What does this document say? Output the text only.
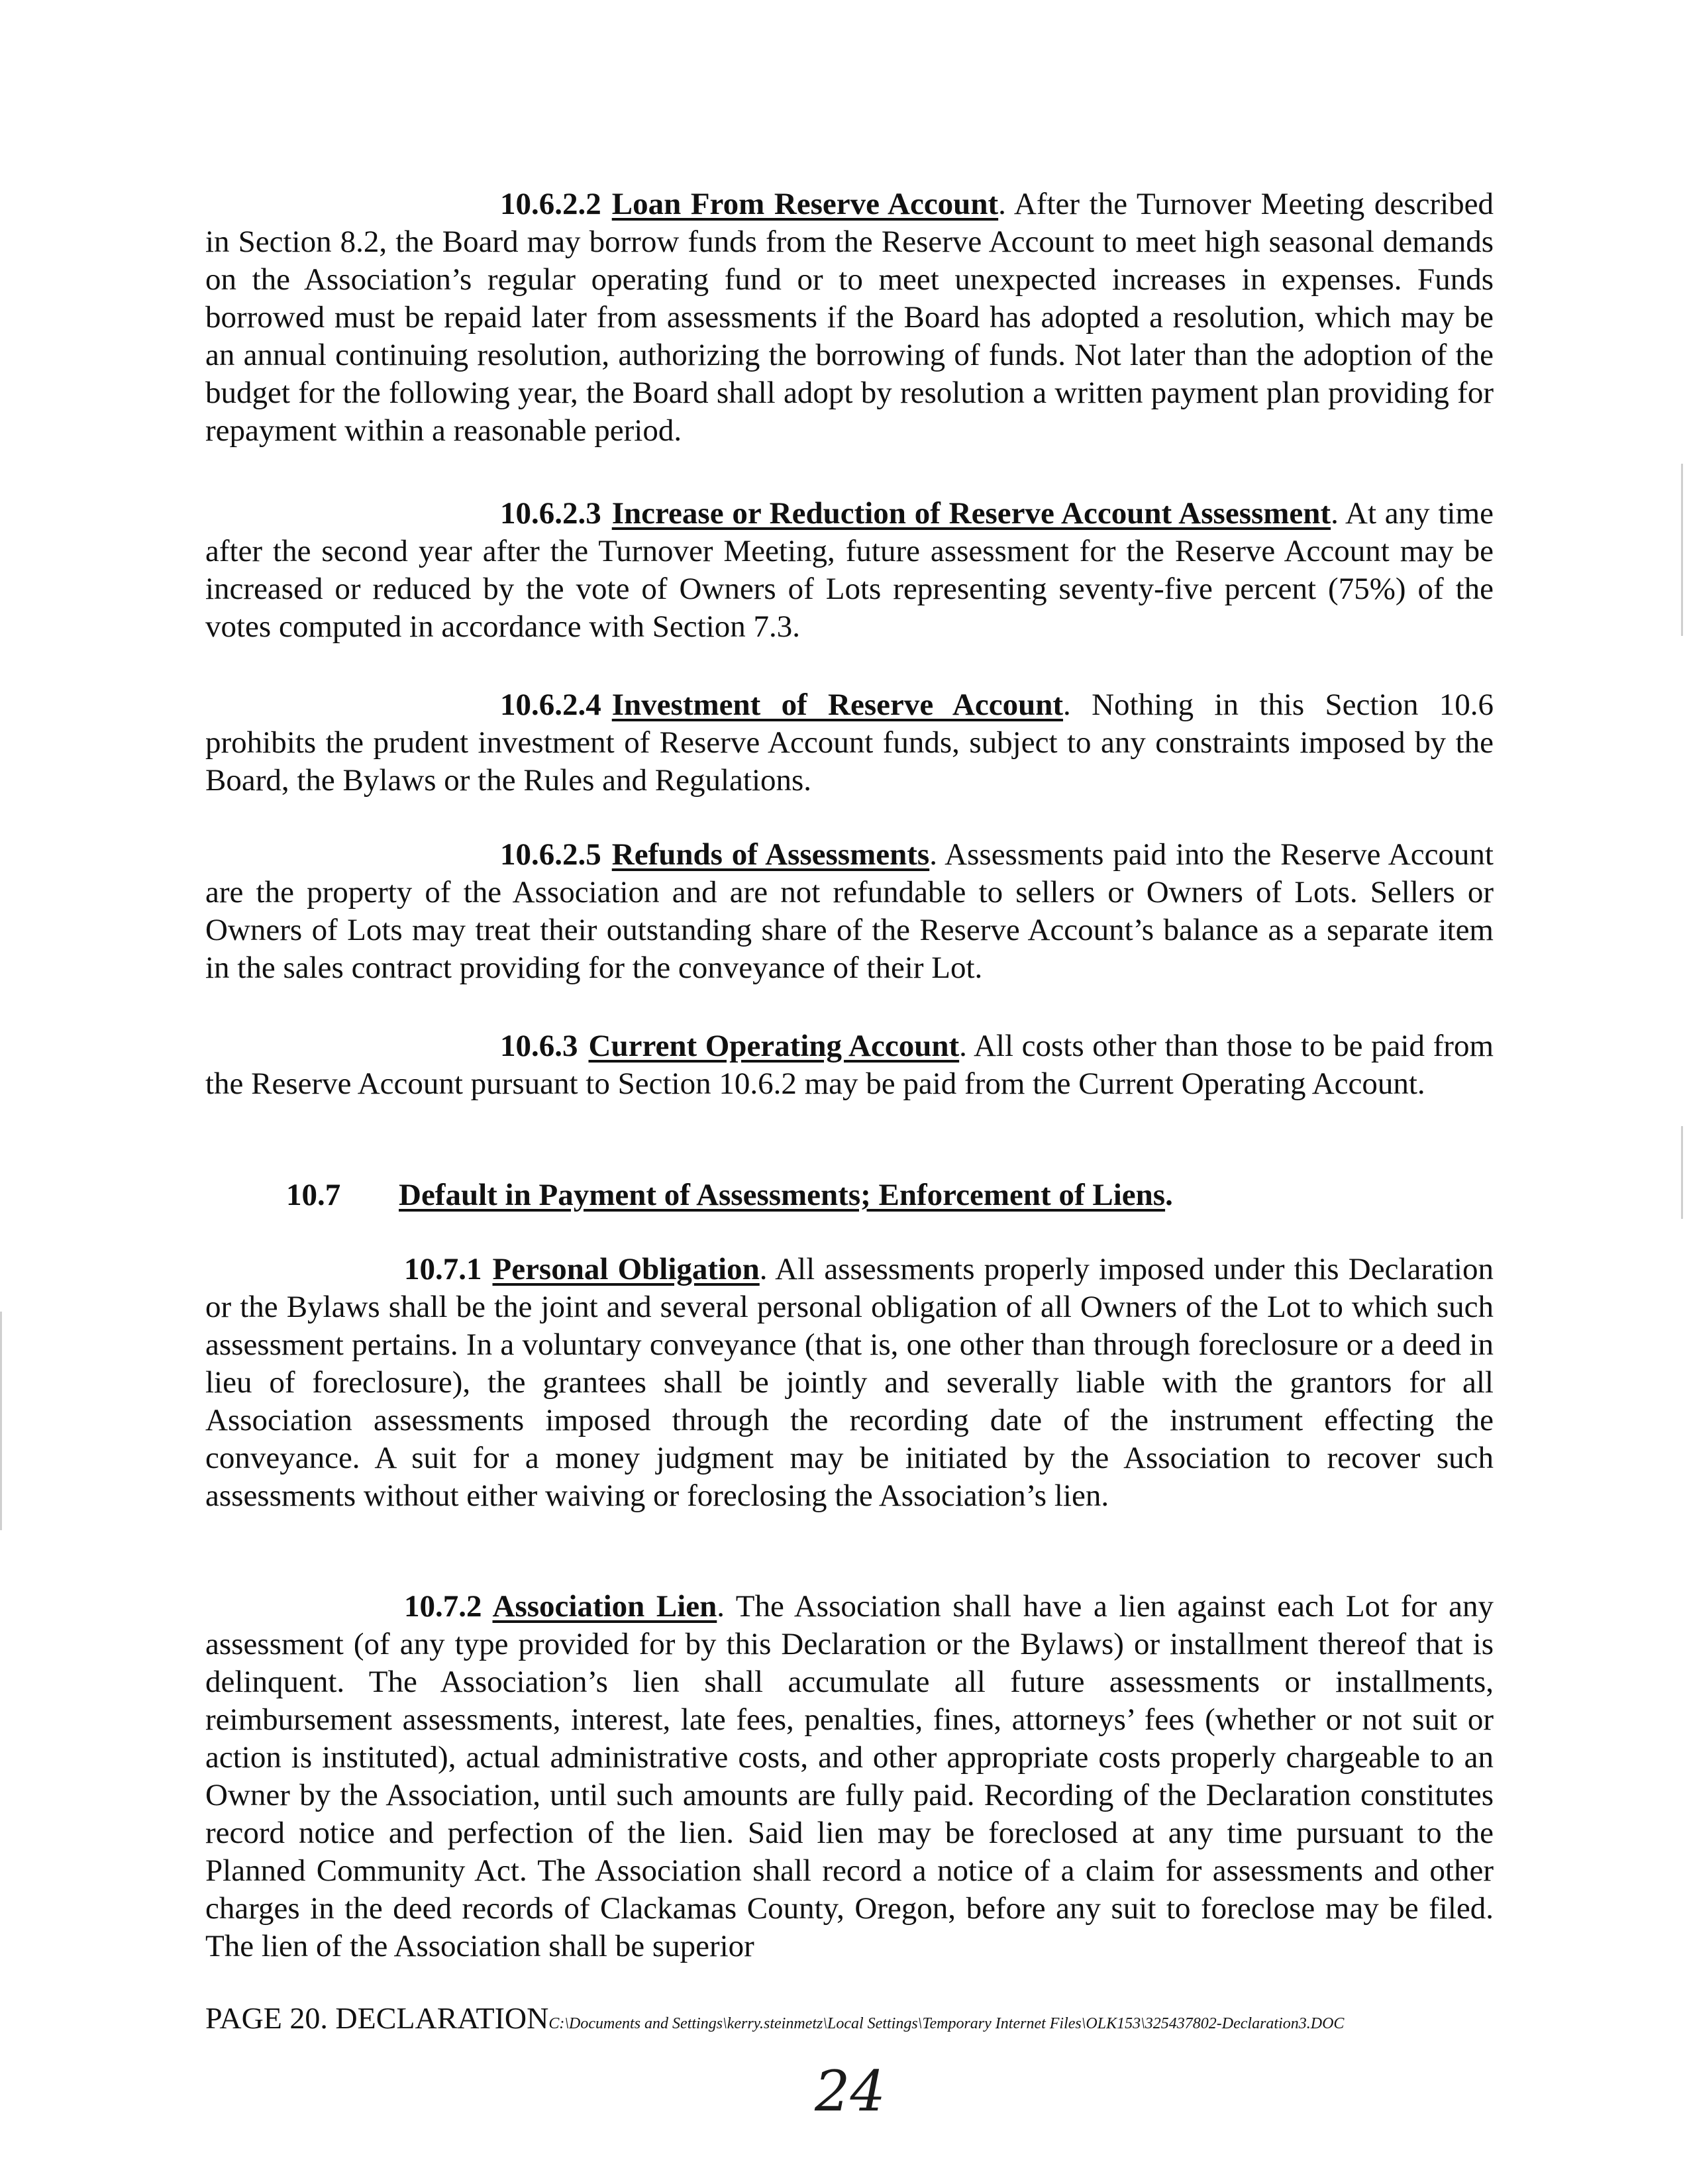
10.6.2.2 Loan From Reserve Account. After the Turnover Meeting described in Section 8.2, the Board may borrow funds from the Reserve Account to meet high seasonal demands on the Association’s regular operating fund or to meet unexpected increases in expenses. Funds borrowed must be repaid later from assessments if the Board has adopted a resolution, which may be an annual continuing resolution, authorizing the borrowing of funds. Not later than the adoption of the budget for the following year, the Board shall adopt by resolution a written payment plan providing for repayment within a reasonable period.

10.6.2.3 Increase or Reduction of Reserve Account Assessment. At any time after the second year after the Turnover Meeting, future assessment for the Reserve Account may be increased or reduced by the vote of Owners of Lots representing seventy-five percent (75%) of the votes computed in accordance with Section 7.3.

10.6.2.4 Investment of Reserve Account. Nothing in this Section 10.6 prohibits the prudent investment of Reserve Account funds, subject to any constraints imposed by the Board, the Bylaws or the Rules and Regulations.

10.6.2.5 Refunds of Assessments. Assessments paid into the Reserve Account are the property of the Association and are not refundable to sellers or Owners of Lots. Sellers or Owners of Lots may treat their outstanding share of the Reserve Account’s balance as a separate item in the sales contract providing for the conveyance of their Lot.

10.6.3 Current Operating Account. All costs other than those to be paid from the Reserve Account pursuant to Section 10.6.2 may be paid from the Current Operating Account.

10.7 Default in Payment of Assessments; Enforcement of Liens.

10.7.1 Personal Obligation. All assessments properly imposed under this Declaration or the Bylaws shall be the joint and several personal obligation of all Owners of the Lot to which such assessment pertains. In a voluntary conveyance (that is, one other than through foreclosure or a deed in lieu of foreclosure), the grantees shall be jointly and severally liable with the grantors for all Association assessments imposed through the recording date of the instrument effecting the conveyance. A suit for a money judgment may be initiated by the Association to recover such assessments without either waiving or foreclosing the Association’s lien.

10.7.2 Association Lien. The Association shall have a lien against each Lot for any assessment (of any type provided for by this Declaration or the Bylaws) or installment thereof that is delinquent. The Association’s lien shall accumulate all future assessments or installments, reimbursement assessments, interest, late fees, penalties, fines, attorneys’ fees (whether or not suit or action is instituted), actual administrative costs, and other appropriate costs properly chargeable to an Owner by the Association, until such amounts are fully paid. Recording of the Declaration constitutes record notice and perfection of the lien. Said lien may be foreclosed at any time pursuant to the Planned Community Act. The Association shall record a notice of a claim for assessments and other charges in the deed records of Clackamas County, Oregon, before any suit to foreclose may be filed. The lien of the Association shall be superior

PAGE 20. DECLARATIONC:\Documents and Settings\kerry.steinmetz\Local Settings\Temporary Internet Files\OLK153\325437802-Declaration3.DOC
24
